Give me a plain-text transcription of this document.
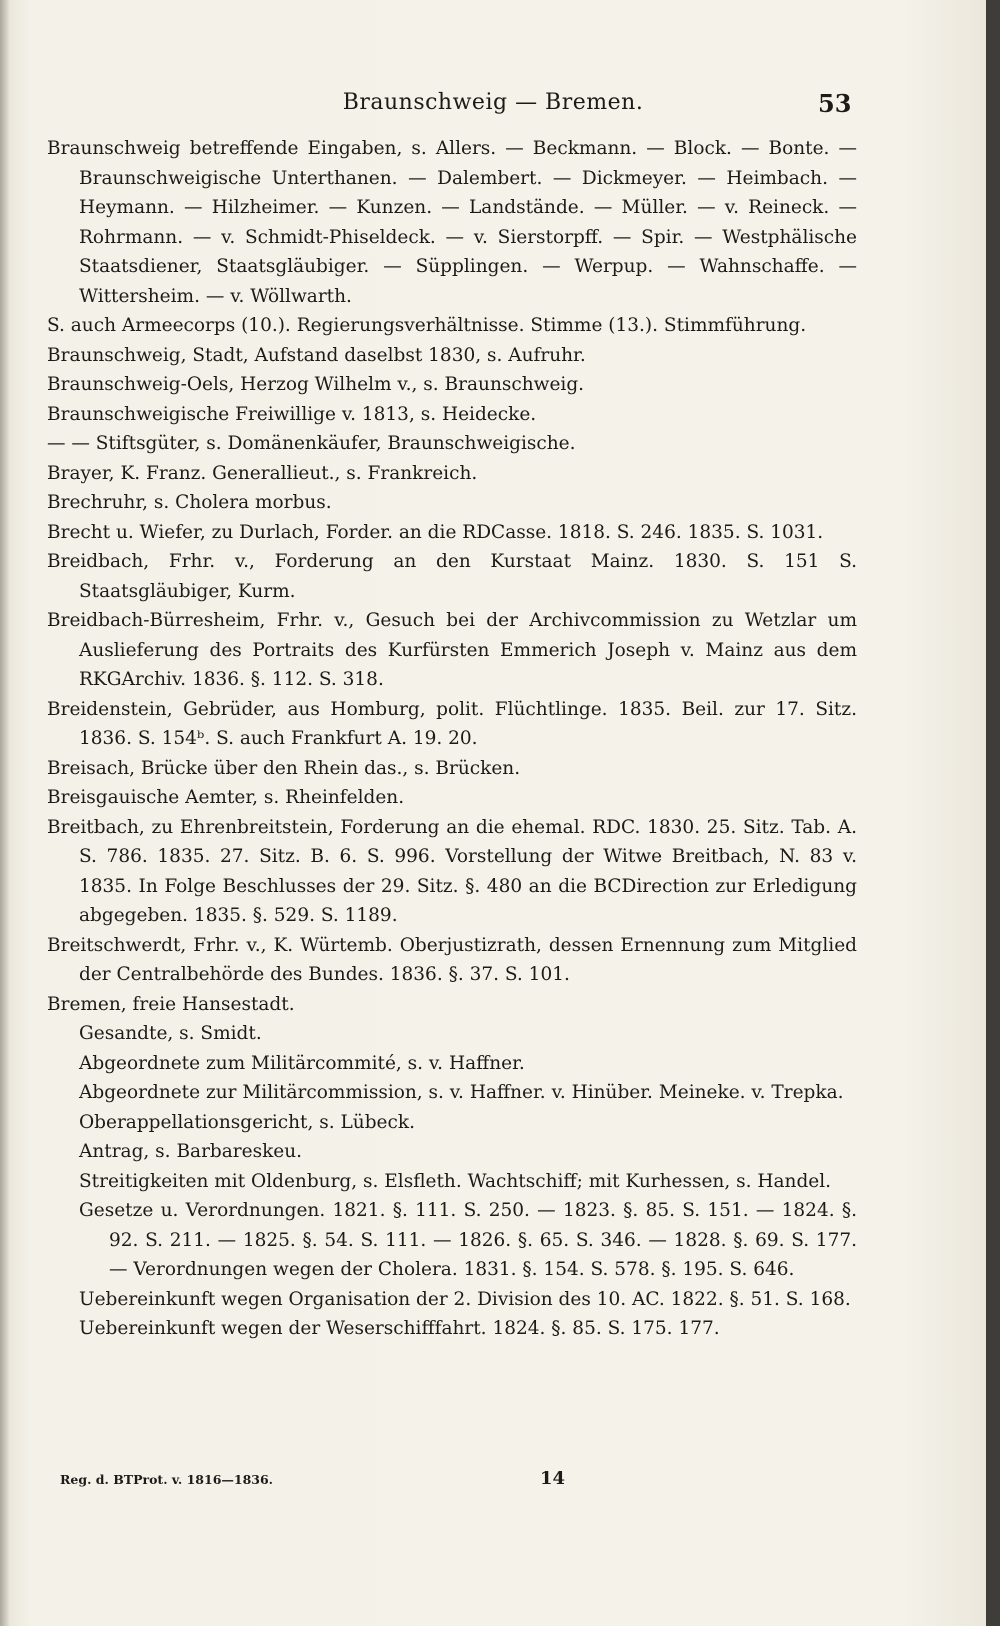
Braunschweig — Bremen.	53
Braunschweig betreffende Eingaben, s. Allers. — Beckmann. — Block. — Bonte. — Braunschweigische Unterthanen. — Dalembert. — Dickmeyer. — Heimbach. — Heymann. — Hilzheimer. — Kunzen. — Landstände. — Müller. — v. Reineck. — Rohrmann. — v. Schmidt-Phiseldeck. — v. Sierstorpff. — Spir. — Westphälische Staatsdiener, Staatsgläubiger. — Süpplingen. — Werpup. — Wahnschaffe. — Wittersheim. — v. Wöllwarth.
S. auch Armeecorps (10.). Regierungsverhältnisse. Stimme (13.). Stimmführung.
Braunschweig, Stadt, Aufstand daselbst 1830, s. Aufruhr.
Braunschweig-Oels, Herzog Wilhelm v., s. Braunschweig.
Braunschweigische Freiwillige v. 1813, s. Heidecke.
— — Stiftsgüter, s. Domänenkäufer, Braunschweigische.
Brayer, K. Franz. Generallieut., s. Frankreich.
Brechruhr, s. Cholera morbus.
Brecht u. Wiefer, zu Durlach, Forder. an die RDCasse. 1818. S. 246. 1835. S. 1031.
Breidbach, Frhr. v., Forderung an den Kurstaat Mainz. 1830. S. 151 S. Staatsgläubiger, Kurm.
Breidbach-Bürresheim, Frhr. v., Gesuch bei der Archivcommission zu Wetzlar um Auslieferung des Portraits des Kurfürsten Emmerich Joseph v. Mainz aus dem RKGArchiv. 1836. §. 112. S. 318.
Breidenstein, Gebrüder, aus Homburg, polit. Flüchtlinge. 1835. Beil. zur 17. Sitz. 1836. S. 154ᵇ. S. auch Frankfurt A. 19. 20.
Breisach, Brücke über den Rhein das., s. Brücken.
Breisgauische Aemter, s. Rheinfelden.
Breitbach, zu Ehrenbreitstein, Forderung an die ehemal. RDC. 1830. 25. Sitz. Tab. A. S. 786. 1835. 27. Sitz. B. 6. S. 996. Vorstellung der Witwe Breitbach, N. 83 v. 1835. In Folge Beschlusses der 29. Sitz. §. 480 an die BCDirection zur Erledigung abgegeben. 1835. §. 529. S. 1189.
Breitschwerdt, Frhr. v., K. Würtemb. Oberjustizrath, dessen Ernennung zum Mitglied der Centralbehörde des Bundes. 1836. §. 37. S. 101.
Bremen, freie Hansestadt.
Gesandte, s. Smidt.
Abgeordnete zum Militärcommité, s. v. Haffner.
Abgeordnete zur Militärcommission, s. v. Haffner. v. Hinüber. Meineke. v. Trepka.
Oberappellationsgericht, s. Lübeck.
Antrag, s. Barbareskeu.
Streitigkeiten mit Oldenburg, s. Elsfleth. Wachtschiff; mit Kurhessen, s. Handel.
Gesetze u. Verordnungen. 1821. §. 111. S. 250. — 1823. §. 85. S. 151. — 1824. §. 92. S. 211. — 1825. §. 54. S. 111. — 1826. §. 65. S. 346. — 1828. §. 69. S. 177. — Verordnungen wegen der Cholera. 1831. §. 154. S. 578. §. 195. S. 646.
Uebereinkunft wegen Organisation der 2. Division des 10. AC. 1822. §. 51. S. 168.
Uebereinkunft wegen der Weserschifffahrt. 1824. §. 85. S. 175. 177.
Reg. d. BTProt. v. 1816—1836.	14
